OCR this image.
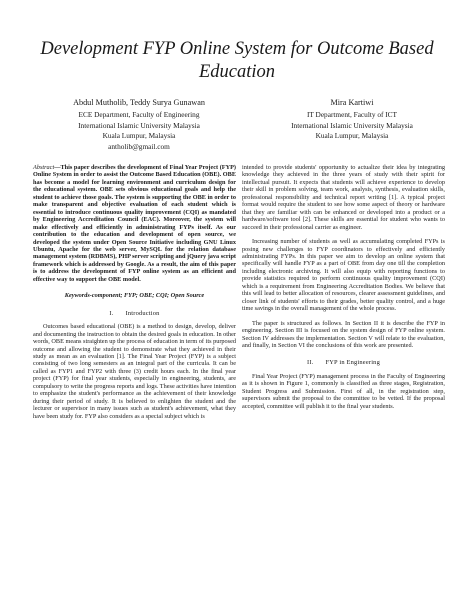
Development FYP Online System for Outcome Based Education
Abdul Mutholib, Teddy Surya Gunawan
ECE Department, Faculty of Engineering
International Islamic University Malaysia
Kuala Lumpur, Malaysia
antholib@gmail.com
Mira Kartiwi
IT Department, Faculty of ICT
International Islamic University Malaysia
Kuala Lumpur, Malaysia

Abstract—This paper describes the development of Final Year Project (FYP) Online System in order to assist the Outcome Based Education (OBE). OBE has become a model for learning environment and curriculum design for the educational system. OBE sets obvious educational goals and help the student to achieve those goals. The system is supporting the OBE in order to make transparent and objective evaluation of each student which is essential to introduce continuous quality improvement (CQI) as mandated by Engineering Accreditation Council (EAC). Moreover, the system will make effectively and efficiently in administrating FYPs itself. As our contribution to the education and development of open source, we developed the system under Open Source Initiative including GNU Linux Ubuntu, Apache for the web server, MySQL for the relation database management system (RDBMS), PHP server scripting and jQuery java script framework which is addressed by Google. As a result, the aim of this paper is to address the development of FYP online system as an efficient and effective way to support the OBE model.

Keywords-component; FYP; OBE; CQI; Open Source

I. Introduction

Outcomes based educational (OBE) is a method to design, develop, deliver and documenting the instruction to obtain the desired goals in education. In other words, OBE means straighten up the process of education in term of its purposed outcome and allowing the student to demonstrate what they achieved in their study as mean as an evaluation [1]. The Final Year Project (FYP) is a subject consisting of two long semesters as an integral part of the curricula. It can be called as FYP1 and FYP2 with three (3) credit hours each. In the final year project (FYP) for final year students, especially in engineering, students, are compulsory to write the progress reports and logs. These activities have intention to emphasize the student's performance as the achievement of their knowledge during their period of study. It is believed to enlighten the student and the lecturer or supervisor in many issues such as student's achievement, what they have been study for. FYP also considers as a special subject which is

intended to provide students' opportunity to actualize their idea by integrating knowledge they achieved in the three years of study with their spirit for intellectual pursuit. It expects that students will achieve experience to develop their skill in problem solving, team work, analysis, synthesis, evaluation skills, professional responsibility and technical report writing [1]. A typical project format would require the student to see how some aspect of theory or hardware that they are familiar with can be enhanced or developed into a product or a hardware/software tool [2]. These skills are essential for student who wants to succeed in their professional carrier as engineer.

Increasing number of students as well as accumulating completed FYPs is posing new challenges to FYP coordinators to effectively and efficiently administrating FYPs. In this paper we aim to develop an online system that specifically will handle FYP as a part of OBE from day one till the completion including electronic archiving. It will also equip with reporting functions to provide statistics required to perform continuous quality improvement (CQI) which is a requirement from Engineering Accreditation Bodies. We believe that this will lead to better allocation of resources, clearer assessment guidelines, and closer link of students' efforts to their grades, better quality control, and a huge time savings in the overall management of the whole process.

The paper is structured as follows. In Section II it is describe the FYP in engineering. Section III is focused on the system design of FYP online system. Section IV addresses the implementation. Section V will relate to the evaluation, and finally, in Section VI the conclusions of this work are presented.

II. FYP in Engineering

Final Year Project (FYP) management process in the Faculty of Engineering as it is shown in Figure 1, commonly is classified as three stages, Registration, Student Progress and Submission. First of all, in the registration step, supervisors submit the proposal to the committee to be vetted. If the proposal accepted, committee will publish it to the final year students.
